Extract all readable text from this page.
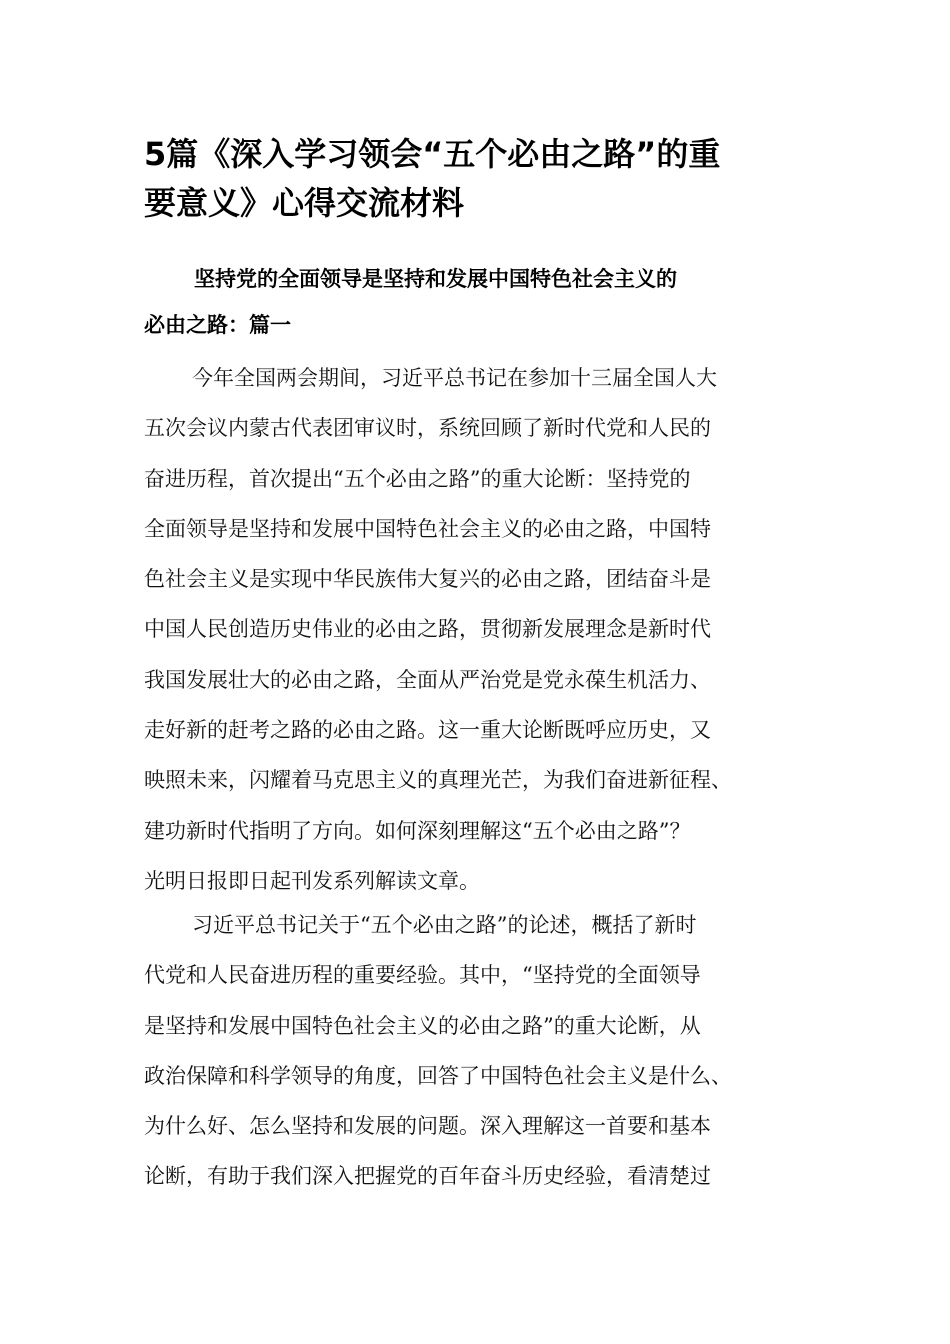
5篇《深入学习领会“五个必由之路”的重
要意义》心得交流材料
坚持党的全面领导是坚持和发展中国特色社会主义的
必由之路：篇一
今年全国两会期间，习近平总书记在参加十三届全国人大
五次会议内蒙古代表团审议时，系统回顾了新时代党和人民的
奋进历程，首次提出“五个必由之路”的重大论断：坚持党的
全面领导是坚持和发展中国特色社会主义的必由之路，中国特
色社会主义是实现中华民族伟大复兴的必由之路，团结奋斗是
中国人民创造历史伟业的必由之路，贯彻新发展理念是新时代
我国发展壮大的必由之路，全面从严治党是党永葆生机活力、
走好新的赶考之路的必由之路。这一重大论断既呼应历史，又
映照未来，闪耀着马克思主义的真理光芒，为我们奋进新征程、
建功新时代指明了方向。如何深刻理解这“五个必由之路”？
光明日报即日起刊发系列解读文章。
习近平总书记关于“五个必由之路”的论述，概括了新时
代党和人民奋进历程的重要经验。其中，“坚持党的全面领导
是坚持和发展中国特色社会主义的必由之路”的重大论断，从
政治保障和科学领导的角度，回答了中国特色社会主义是什么、
为什么好、怎么坚持和发展的问题。深入理解这一首要和基本
论断，有助于我们深入把握党的百年奋斗历史经验，看清楚过
